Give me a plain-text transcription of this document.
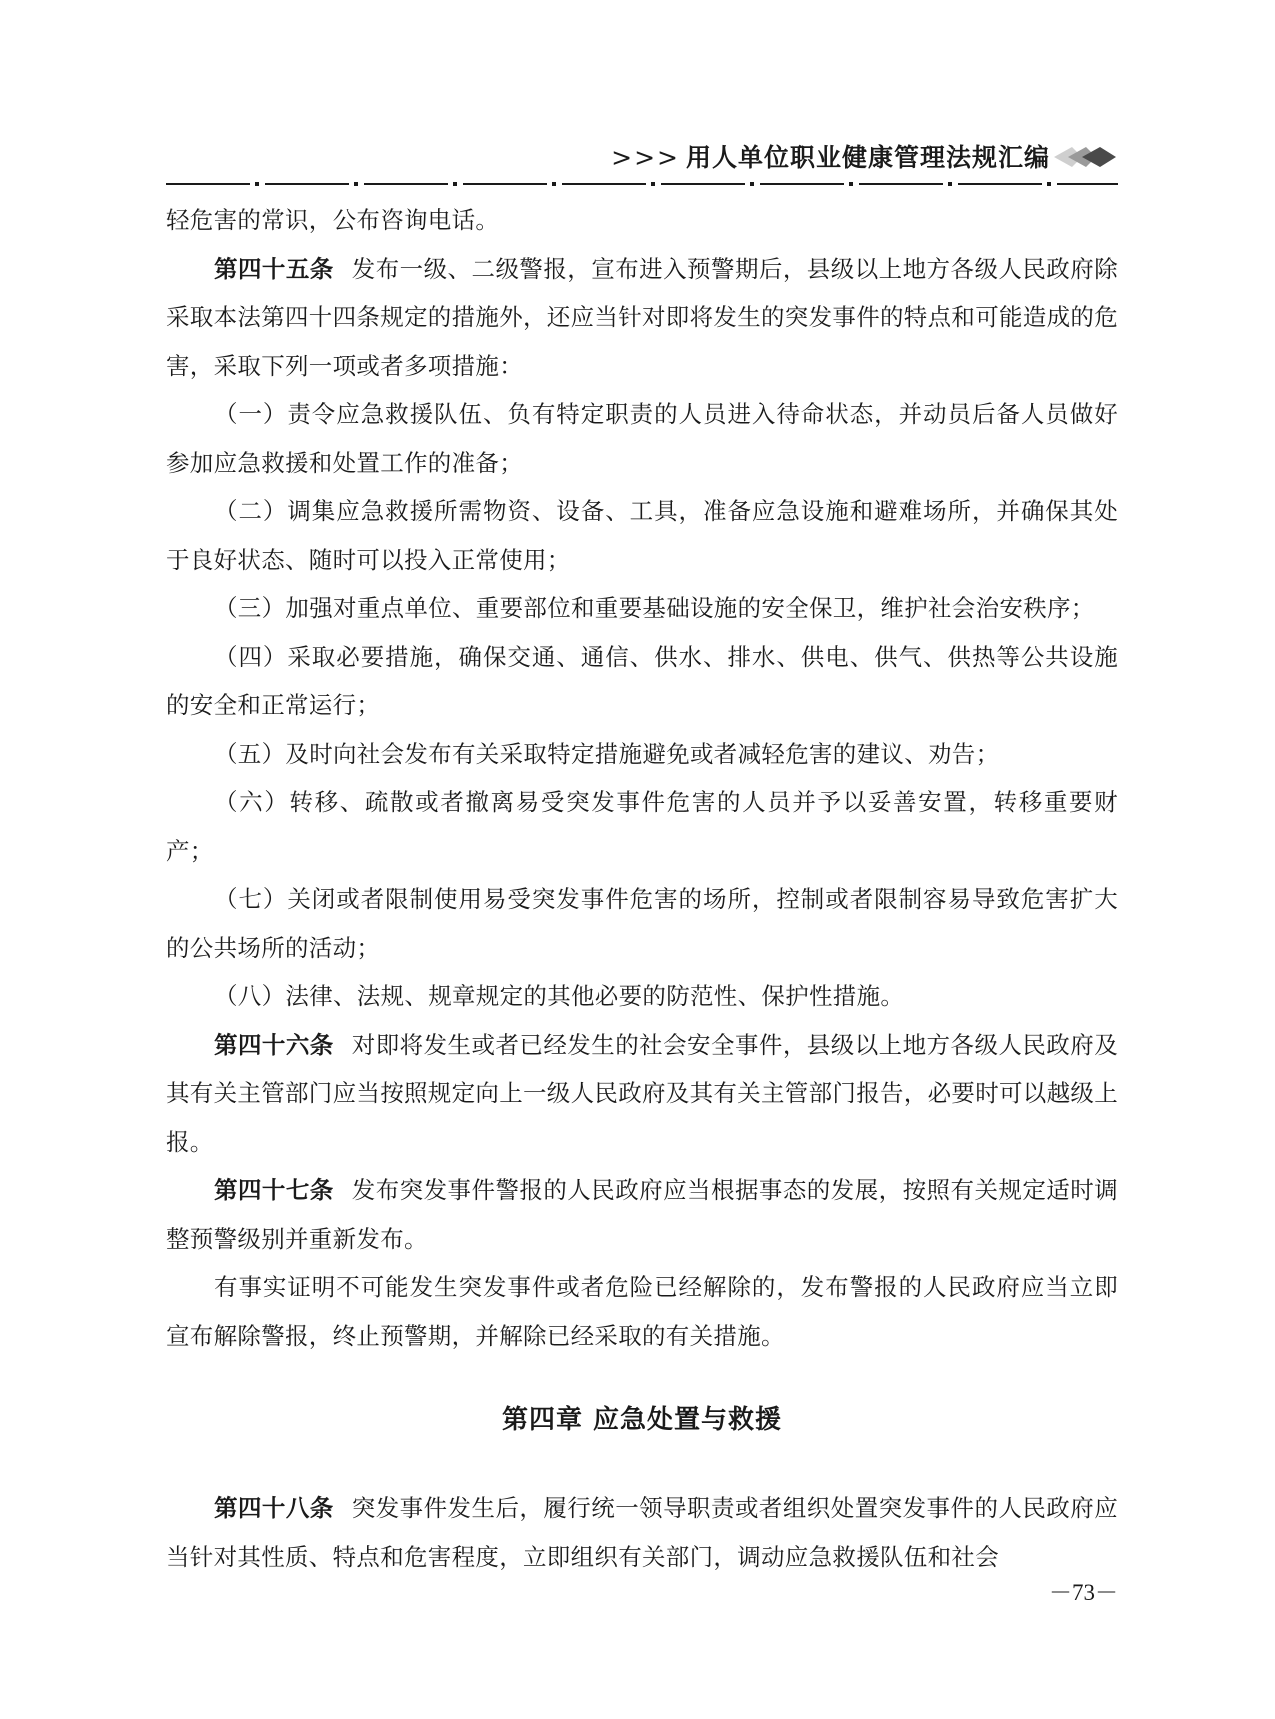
>>> 用人单位职业健康管理法规汇编

轻危害的常识，公布咨询电话。

第四十五条 发布一级、二级警报，宣布进入预警期后，县级以上地方各级人民政府除采取本法第四十四条规定的措施外，还应当针对即将发生的突发事件的特点和可能造成的危害，采取下列一项或者多项措施：

（一）责令应急救援队伍、负有特定职责的人员进入待命状态，并动员后备人员做好参加应急救援和处置工作的准备；

（二）调集应急救援所需物资、设备、工具，准备应急设施和避难场所，并确保其处于良好状态、随时可以投入正常使用；

（三）加强对重点单位、重要部位和重要基础设施的安全保卫，维护社会治安秩序；

（四）采取必要措施，确保交通、通信、供水、排水、供电、供气、供热等公共设施的安全和正常运行；

（五）及时向社会发布有关采取特定措施避免或者减轻危害的建议、劝告；

（六）转移、疏散或者撤离易受突发事件危害的人员并予以妥善安置，转移重要财产；

（七）关闭或者限制使用易受突发事件危害的场所，控制或者限制容易导致危害扩大的公共场所的活动；

（八）法律、法规、规章规定的其他必要的防范性、保护性措施。

第四十六条 对即将发生或者已经发生的社会安全事件，县级以上地方各级人民政府及其有关主管部门应当按照规定向上一级人民政府及其有关主管部门报告，必要时可以越级上报。

第四十七条 发布突发事件警报的人民政府应当根据事态的发展，按照有关规定适时调整预警级别并重新发布。

有事实证明不可能发生突发事件或者危险已经解除的，发布警报的人民政府应当立即宣布解除警报，终止预警期，并解除已经采取的有关措施。

第四章 应急处置与救援

第四十八条 突发事件发生后，履行统一领导职责或者组织处置突发事件的人民政府应当针对其性质、特点和危害程度，立即组织有关部门，调动应急救援队伍和社会

－73－
